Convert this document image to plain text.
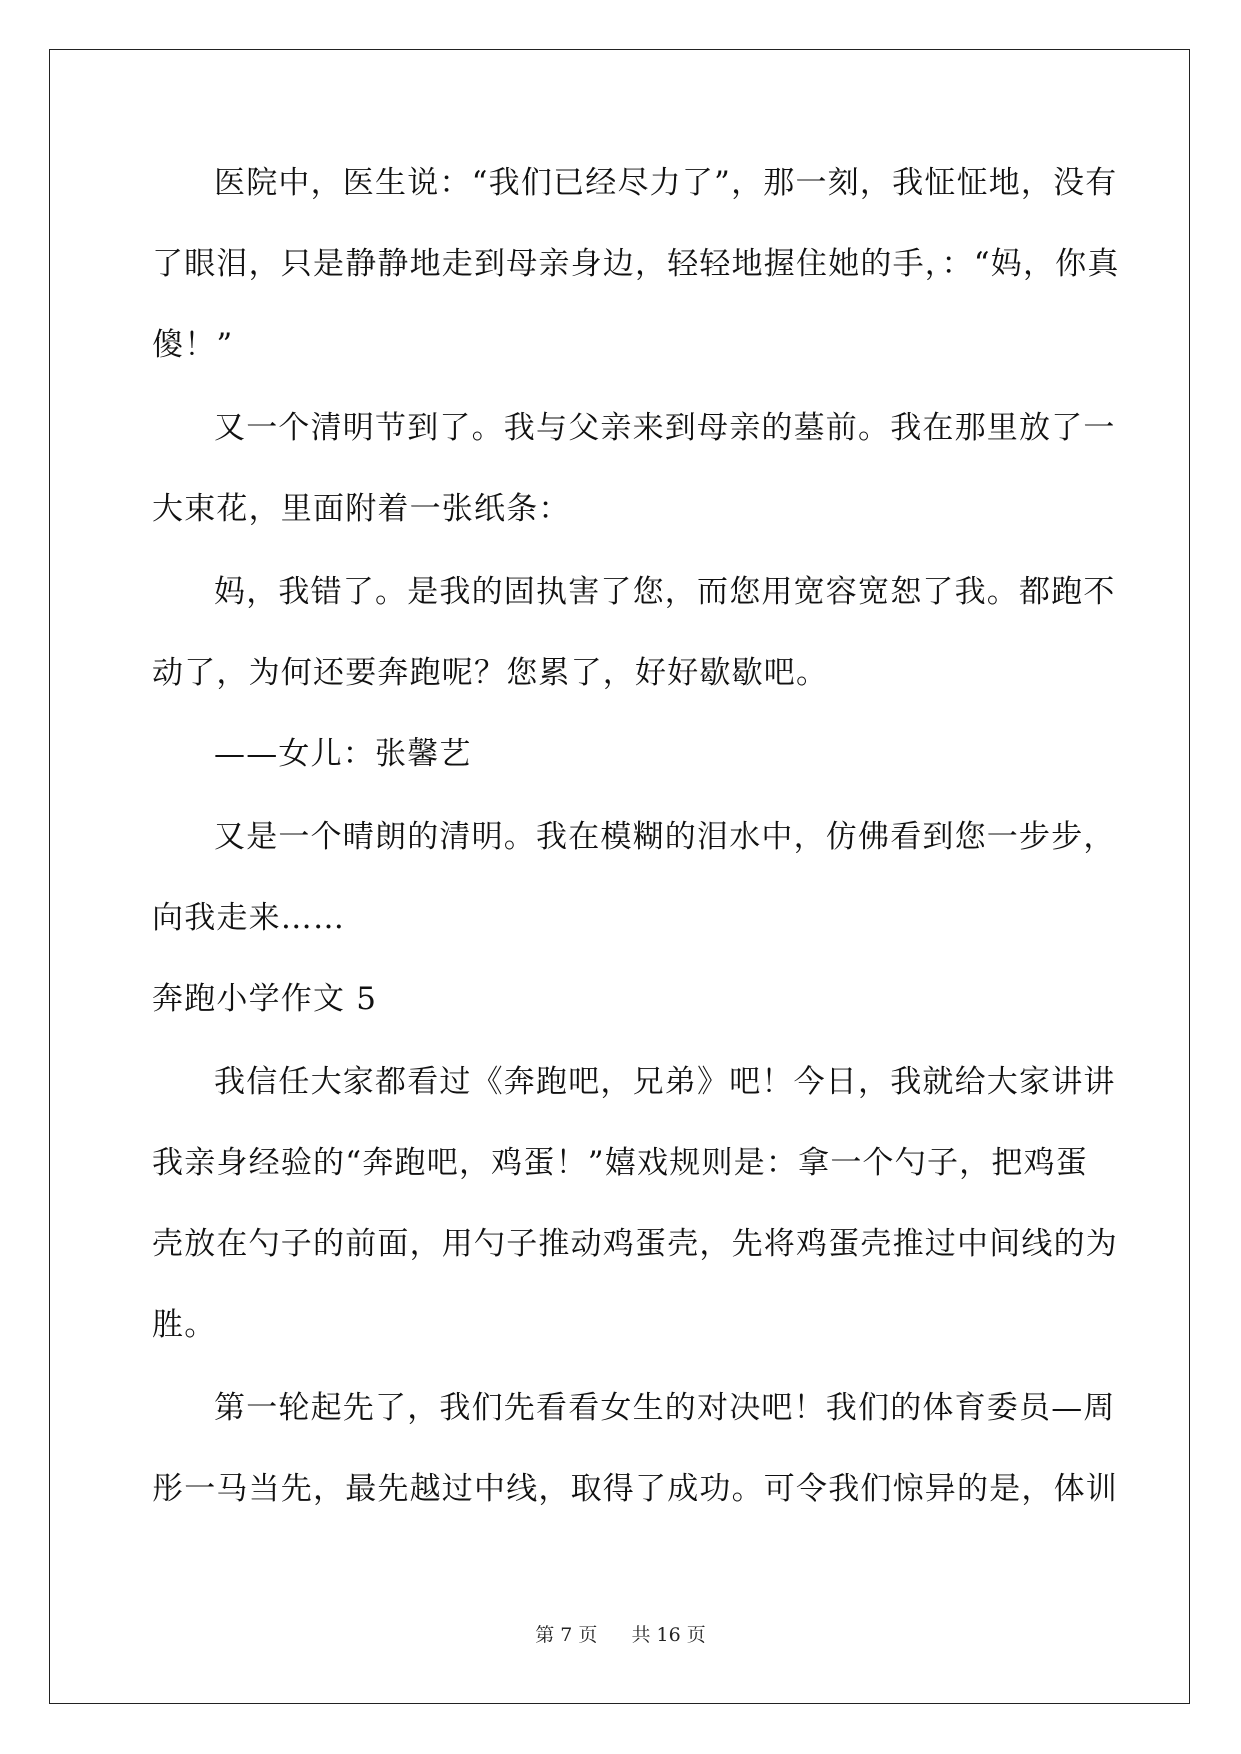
医院中，医生说：“我们已经尽力了”，那一刻，我怔怔地，没有

了眼泪，只是静静地走到母亲身边，轻轻地握住她的手，：“妈，你真

傻！”

又一个清明节到了。我与父亲来到母亲的墓前。我在那里放了一

大束花，里面附着一张纸条：

妈，我错了。是我的固执害了您，而您用宽容宽恕了我。都跑不

动了，为何还要奔跑呢？您累了，好好歇歇吧。

——女儿：张馨艺

又是一个晴朗的清明。我在模糊的泪水中，仿佛看到您一步步，

向我走来……

奔跑小学作文 5

我信任大家都看过《奔跑吧，兄弟》吧！今日，我就给大家讲讲

我亲身经验的“奔跑吧，鸡蛋！”嬉戏规则是：拿一个勺子，把鸡蛋

壳放在勺子的前面，用勺子推动鸡蛋壳，先将鸡蛋壳推过中间线的为

胜。

第一轮起先了，我们先看看女生的对决吧！我们的体育委员—周

彤一马当先，最先越过中线，取得了成功。可令我们惊异的是，体训

第 7 页 共 16 页
